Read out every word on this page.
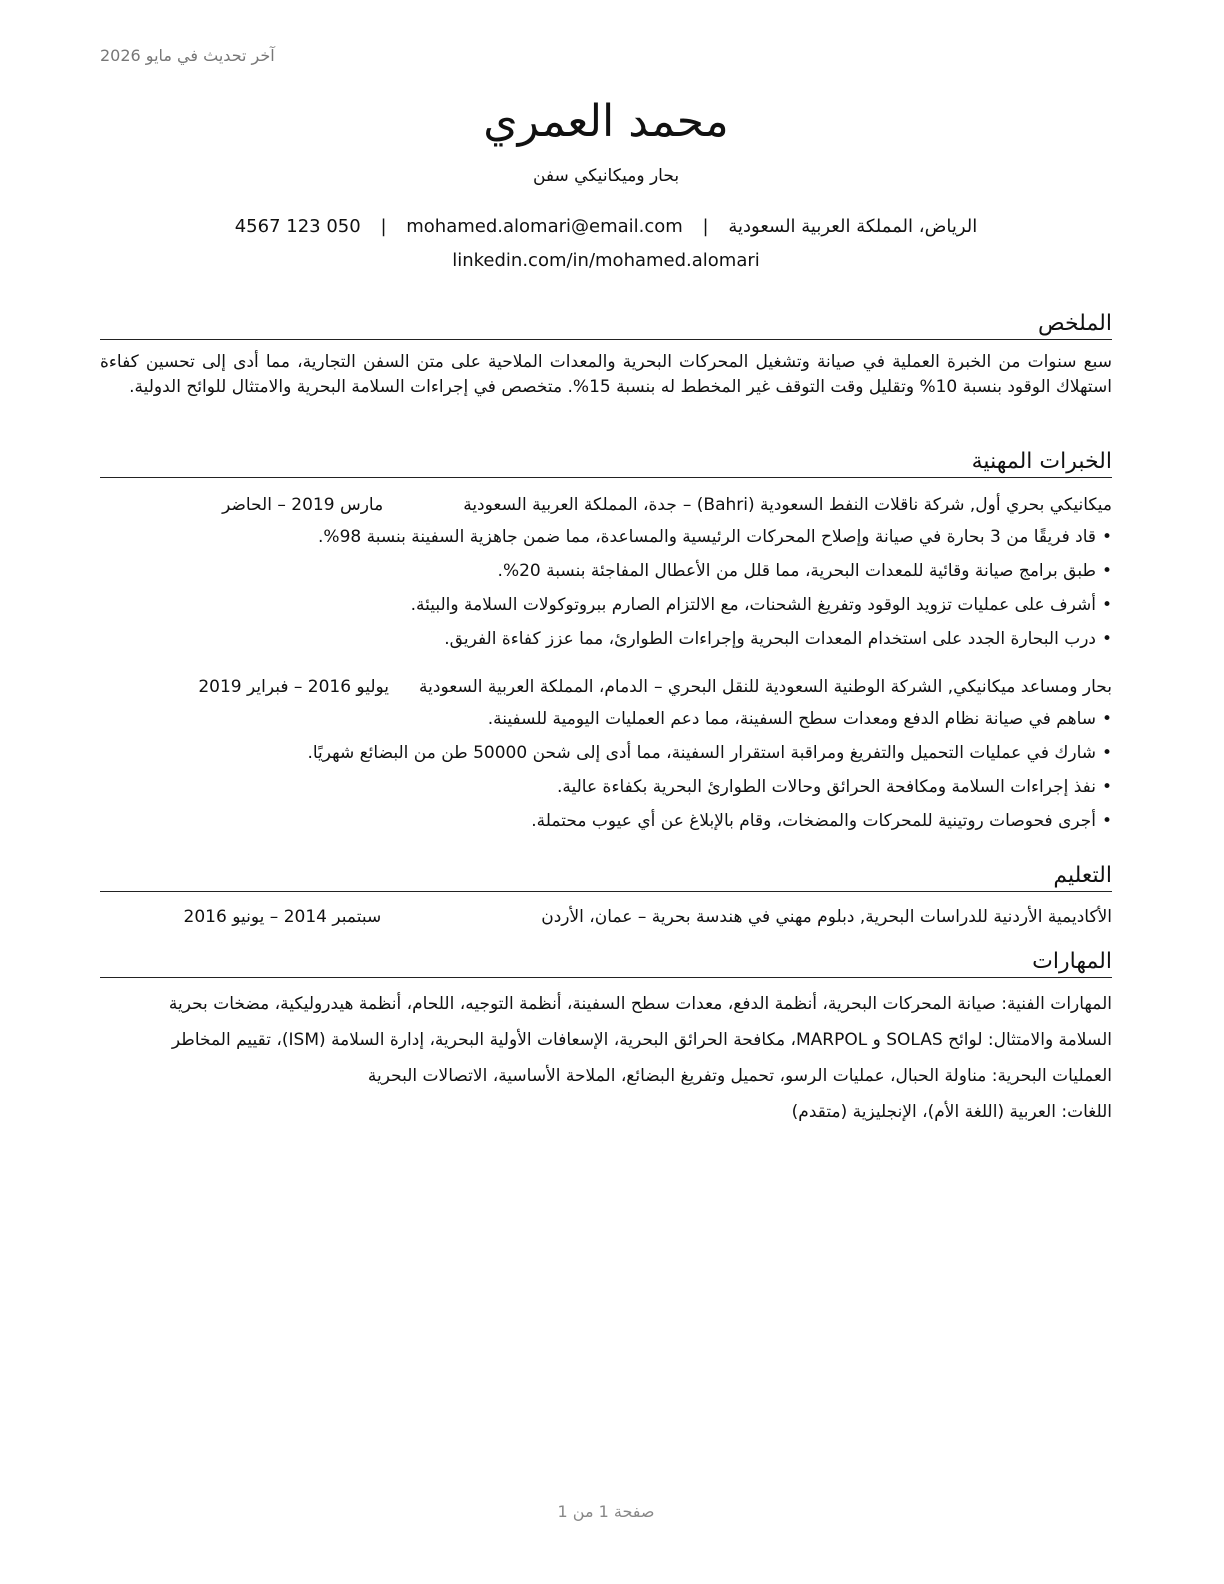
آخر تحديث في مايو 2026
محمد العمري
بحار وميكانيكي سفن
الرياض، المملكة العربية السعودية | mohamed.alomari@email.com | 4567 123 050
linkedin.com/in/mohamed.alomari
الملخص
سبع سنوات من الخبرة العملية في صيانة وتشغيل المحركات البحرية والمعدات الملاحية على متن السفن التجارية، مما أدى إلى تحسين كفاءة استهلاك الوقود بنسبة 10% وتقليل وقت التوقف غير المخطط له بنسبة 15%. متخصص في إجراءات السلامة البحرية والامتثال للوائح الدولية.
الخبرات المهنية
ميكانيكي بحري أول, شركة ناقلات النفط السعودية (Bahri) –
جدة، المملكة العربية السعودية
مارس 2019 – الحاضر
• قاد فريقًا من 3 بحارة في صيانة وإصلاح المحركات الرئيسية والمساعدة، مما ضمن جاهزية السفينة بنسبة 98%.
• طبق برامج صيانة وقائية للمعدات البحرية، مما قلل من الأعطال المفاجئة بنسبة 20%.
• أشرف على عمليات تزويد الوقود وتفريغ الشحنات، مع الالتزام الصارم ببروتوكولات السلامة والبيئة.
• درب البحارة الجدد على استخدام المعدات البحرية وإجراءات الطوارئ، مما عزز كفاءة الفريق.
بحار ومساعد ميكانيكي, الشركة الوطنية السعودية للنقل البحري –
الدمام، المملكة العربية السعودية
يوليو 2016 – فبراير 2019
• ساهم في صيانة نظام الدفع ومعدات سطح السفينة، مما دعم العمليات اليومية للسفينة.
• شارك في عمليات التحميل والتفريغ ومراقبة استقرار السفينة، مما أدى إلى شحن 50000 طن من البضائع شهريًا.
• نفذ إجراءات السلامة ومكافحة الحرائق وحالات الطوارئ البحرية بكفاءة عالية.
• أجرى فحوصات روتينية للمحركات والمضخات، وقام بالإبلاغ عن أي عيوب محتملة.
التعليم
الأكاديمية الأردنية للدراسات البحرية, دبلوم مهني في هندسة بحرية – عمان، الأردن
سبتمبر 2014 – يونيو 2016
المهارات
المهارات الفنية: صيانة المحركات البحرية، أنظمة الدفع، معدات سطح السفينة، أنظمة التوجيه، اللحام، أنظمة هيدروليكية، مضخات بحرية
السلامة والامتثال: لوائح SOLAS و MARPOL، مكافحة الحرائق البحرية، الإسعافات الأولية البحرية، إدارة السلامة (ISM)، تقييم المخاطر
العمليات البحرية: مناولة الحبال، عمليات الرسو، تحميل وتفريغ البضائع، الملاحة الأساسية، الاتصالات البحرية
اللغات: العربية (اللغة الأم)، الإنجليزية (متقدم)
صفحة 1 من 1
